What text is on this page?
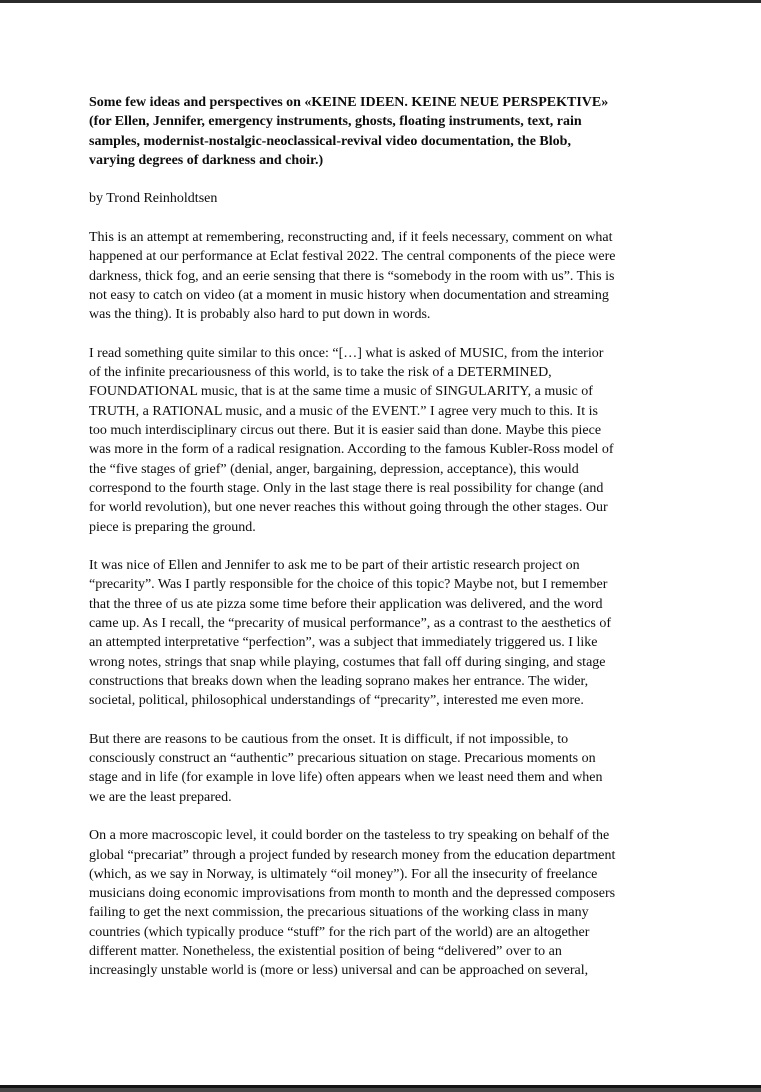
Some few ideas and perspectives on «KEINE IDEEN. KEINE NEUE PERSPEKTIVE»
(for Ellen, Jennifer, emergency instruments, ghosts, floating instruments, text, rain
samples, modernist-nostalgic-neoclassical-revival video documentation, the Blob,
varying degrees of darkness and choir.)

by Trond Reinholdtsen

This is an attempt at remembering, reconstructing and, if it feels necessary, comment on what
happened at our performance at Eclat festival 2022. The central components of the piece were
darkness, thick fog, and an eerie sensing that there is “somebody in the room with us”. This is
not easy to catch on video (at a moment in music history when documentation and streaming
was the thing). It is probably also hard to put down in words.
I read something quite similar to this once: “[…] what is asked of MUSIC, from the interior
of the infinite precariousness of this world, is to take the risk of a DETERMINED,
FOUNDATIONAL music, that is at the same time a music of SINGULARITY, a music of
TRUTH, a RATIONAL music, and a music of the EVENT.” I agree very much to this. It is
too much interdisciplinary circus out there. But it is easier said than done. Maybe this piece
was more in the form of a radical resignation. According to the famous Kubler-Ross model of
the “five stages of grief” (denial, anger, bargaining, depression, acceptance), this would
correspond to the fourth stage. Only in the last stage there is real possibility for change (and
for world revolution), but one never reaches this without going through the other stages. Our
piece is preparing the ground.
It was nice of Ellen and Jennifer to ask me to be part of their artistic research project on
“precarity”. Was I partly responsible for the choice of this topic? Maybe not, but I remember
that the three of us ate pizza some time before their application was delivered, and the word
came up. As I recall, the “precarity of musical performance”, as a contrast to the aesthetics of
an attempted interpretative “perfection”, was a subject that immediately triggered us. I like
wrong notes, strings that snap while playing, costumes that fall off during singing, and stage
constructions that breaks down when the leading soprano makes her entrance. The wider,
societal, political, philosophical understandings of “precarity”, interested me even more.
But there are reasons to be cautious from the onset. It is difficult, if not impossible, to
consciously construct an “authentic” precarious situation on stage. Precarious moments on
stage and in life (for example in love life) often appears when we least need them and when
we are the least prepared.
On a more macroscopic level, it could border on the tasteless to try speaking on behalf of the
global “precariat” through a project funded by research money from the education department
(which, as we say in Norway, is ultimately “oil money”). For all the insecurity of freelance
musicians doing economic improvisations from month to month and the depressed composers
failing to get the next commission, the precarious situations of the working class in many
countries (which typically produce “stuff” for the rich part of the world) are an altogether
different matter. Nonetheless, the existential position of being “delivered” over to an
increasingly unstable world is (more or less) universal and can be approached on several,
